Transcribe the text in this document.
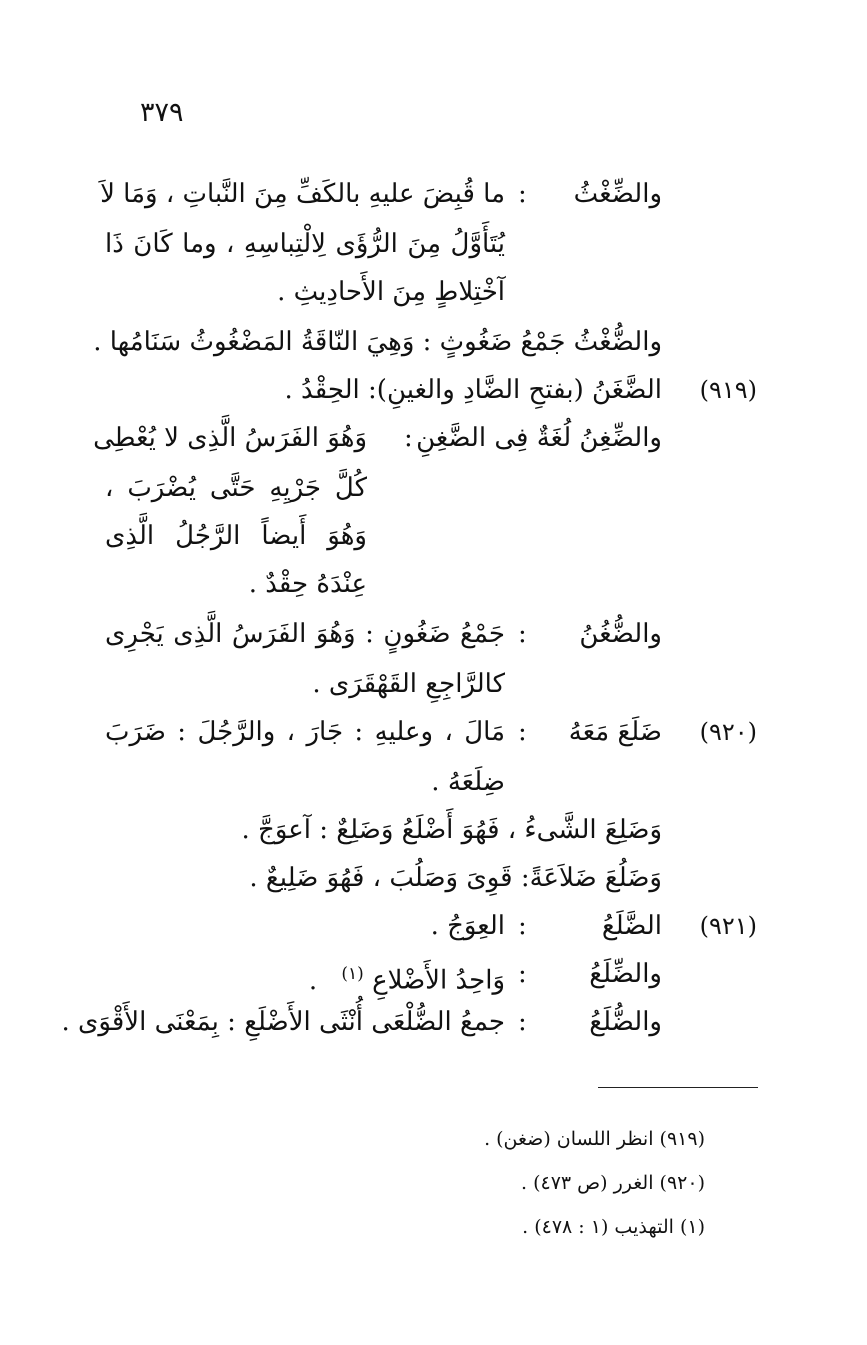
٣٧٩
والضِّغْثُ
:
ما قُبِضَ عليهِ بالكَفِّ مِنَ النَّباتِ ، وَمَا لاَ
يُتَأَوَّلُ مِنَ الرُّؤَى لِالْتِباسِهِ ، وما كَانَ ذَا
آخْتِلاطٍ مِنَ الأَحادِيثِ .
والضُّغْثُ جَمْعُ ضَغُوثٍ : وَهِيَ النّاقَةُ المَضْغُوثُ سَنَامُها .
(٩١٩)
الضَّغَنُ (بفتحِ الضَّادِ والغينِ): الحِقْدُ .
والضِّغِنُ لُغَةٌ فِى الضَّغِنِ
:
وَهُوَ الفَرَسُ الَّذِى لا يُعْطِى
كُلَّ جَرْيِهِ حَتَّى يُضْرَبَ ،
وَهُوَ أَيضاً الرَّجُلُ الَّذِى
عِنْدَهُ حِقْدٌ .
والضُّغُنُ
:
جَمْعُ ضَغُونٍ : وَهُوَ الفَرَسُ الَّذِى يَجْرِى
كالرَّاجِعِ القَهْقَرَى .
(٩٢٠)
ضَلَعَ مَعَهُ
:
مَالَ ، وعليهِ : جَارَ ، والرَّجُلَ : ضَرَبَ
ضِلَعَهُ .
وَضَلِعَ الشَّىءُ ، فَهُوَ أَضْلَعُ وَضَلِعٌ : آعوَجَّ .
وَضَلُعَ ضَلاَعَةً: قَوِىَ وَصَلُبَ ، فَهُوَ ضَلِيعٌ .
(٩٢١)
الضَّلَعُ
:
العِوَجُ .
والضِّلَعُ
:
وَاحِدُ الأَضْلاعِ $^{(١)}$ .
والضُّلَعُ
:
جمعُ الضُّلْعَى أُنْثَى الأَضْلَعِ : بِمَعْنَى الأَقْوَى .
(٩١٩) انظر اللسان (ضغن) .
(٩٢٠) الغرر (ص ٤٧٣) .
(١) التهذيب (١ : ٤٧٨) .
